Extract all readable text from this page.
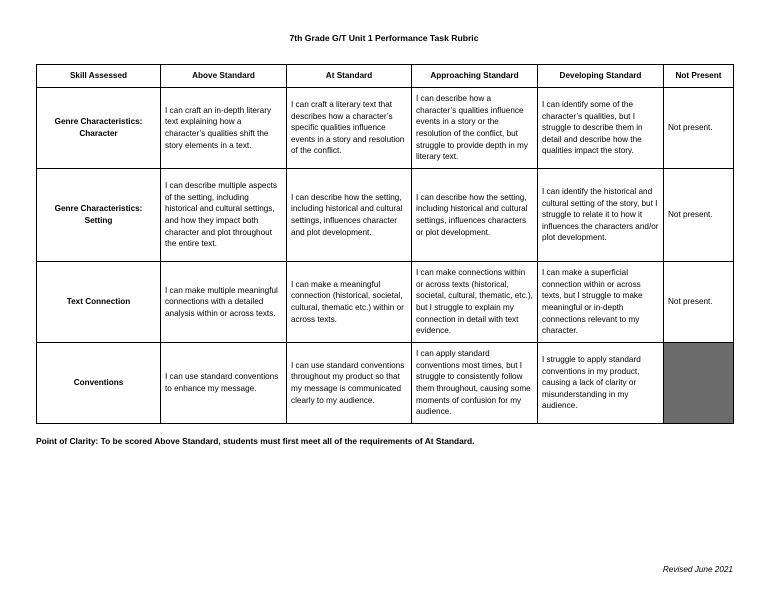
7th Grade G/T Unit 1 Performance Task Rubric
Skill Assessed	Above Standard	At Standard	Approaching Standard	Developing Standard	Not Present
Genre Characteristics: Character	I can craft an in-depth literary text explaining how a character’s qualities shift the story elements in a text.	I can craft a literary text that describes how a character’s specific qualities influence events in a story and resolution of the conflict.	I can describe how a character’s qualities influence events in a story or the resolution of the conflict, but struggle to provide depth in my literary text.	I can identify some of the character’s qualities, but I struggle to describe them in detail and describe how the qualities impact the story.	Not present.
Genre Characteristics: Setting	I can describe multiple aspects of the setting, including historical and cultural settings, and how they impact both character and plot throughout the entire text.	I can describe how the setting, including historical and cultural settings, influences character and plot development.	I can describe how the setting, including historical and cultural settings, influences characters or plot development.	I can identify the historical and cultural setting of the story, but I struggle to relate it to how it influences the characters and/or plot development.	Not present.
Text Connection	I can make multiple meaningful connections with a detailed analysis within or across texts.	I can make a meaningful connection (historical, societal, cultural, thematic etc.) within or across texts.	I can make connections within or across texts (historical, societal, cultural, thematic, etc.), but I struggle to explain my connection in detail with text evidence.	I can make a superficial connection within or across texts, but I struggle to make meaningful or in-depth connections relevant to my character.	Not present.
Conventions	I can use standard conventions to enhance my message.	I can use standard conventions throughout my product so that my message is communicated clearly to my audience.	I can apply standard conventions most times, but I struggle to consistently follow them throughout, causing some moments of confusion for my audience.	I struggle to apply standard conventions in my product, causing a lack of clarity or misunderstanding in my audience.	
Point of Clarity: To be scored Above Standard, students must first meet all of the requirements of At Standard.
Revised June 2021
